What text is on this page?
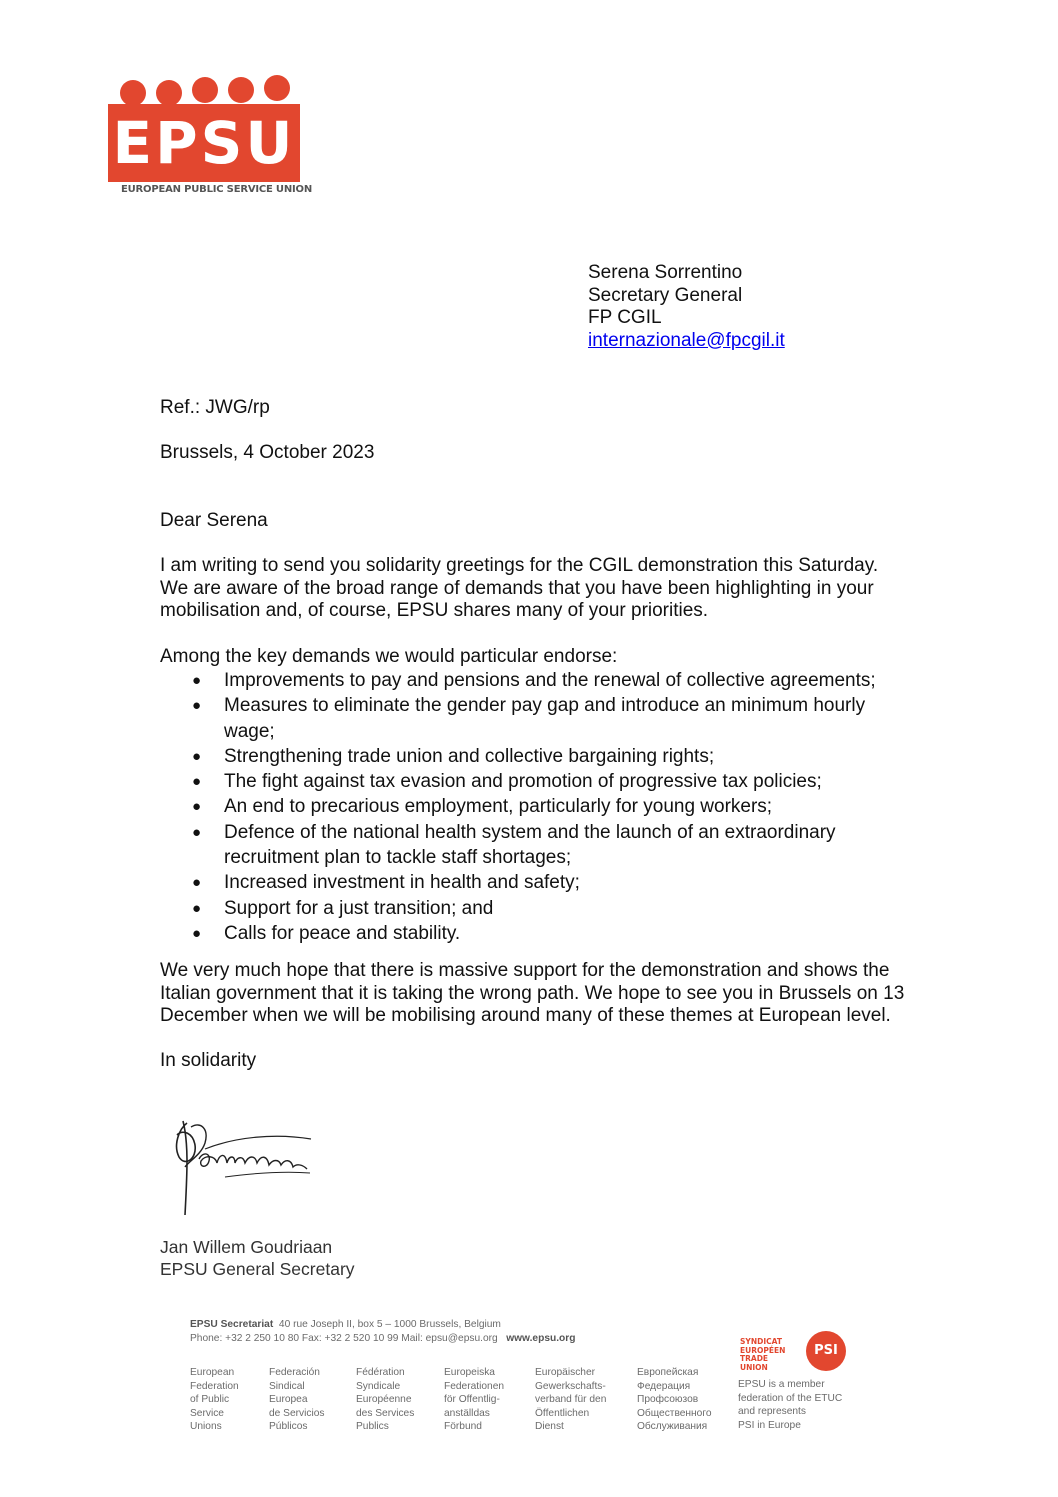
EPSU
EUROPEAN PUBLIC SERVICE UNION
Serena Sorrentino
Secretary General
FP CGIL
internazionale@fpcgil.it
Ref.: JWG/rp
Brussels, 4 October 2023
Dear Serena
I am writing to send you solidarity greetings for the CGIL demonstration this Saturday.
We are aware of the broad range of demands that you have been highlighting in your
mobilisation and, of course, EPSU shares many of your priorities.
Among the key demands we would particular endorse:
● Improvements to pay and pensions and the renewal of collective agreements;
● Measures to eliminate the gender pay gap and introduce an minimum hourly
wage;
● Strengthening trade union and collective bargaining rights;
● The fight against tax evasion and promotion of progressive tax policies;
● An end to precarious employment, particularly for young workers;
● Defence of the national health system and the launch of an extraordinary
recruitment plan to tackle staff shortages;
● Increased investment in health and safety;
● Support for a just transition; and
● Calls for peace and stability.
We very much hope that there is massive support for the demonstration and shows the
Italian government that it is taking the wrong path. We hope to see you in Brussels on 13
December when we will be mobilising around many of these themes at European level.
In solidarity
Jan Willem Goudriaan
EPSU General Secretary
EPSU Secretariat 40 rue Joseph II, box 5 – 1000 Brussels, Belgium
Phone: +32 2 250 10 80 Fax: +32 2 520 10 99 Mail: epsu@epsu.org www.epsu.org
European
Federation
of Public
Service
Unions
Federación
Sindical
Europea
de Servicios
Públicos
Fédération
Syndicale
Européenne
des Services
Publics
Europeiska
Federationen
för Offentlig-
anställdas
Förbund
Europäischer
Gewerkschafts-
verband für den
Öffentlichen
Dienst
Европейская
Федерация
Профсоюзов
Общественного
Обслуживания
SYNDICAT
EUROPÉEN
TRADE UNION
PSI
EPSU is a member
federation of the ETUC
and represents
PSI in Europe
